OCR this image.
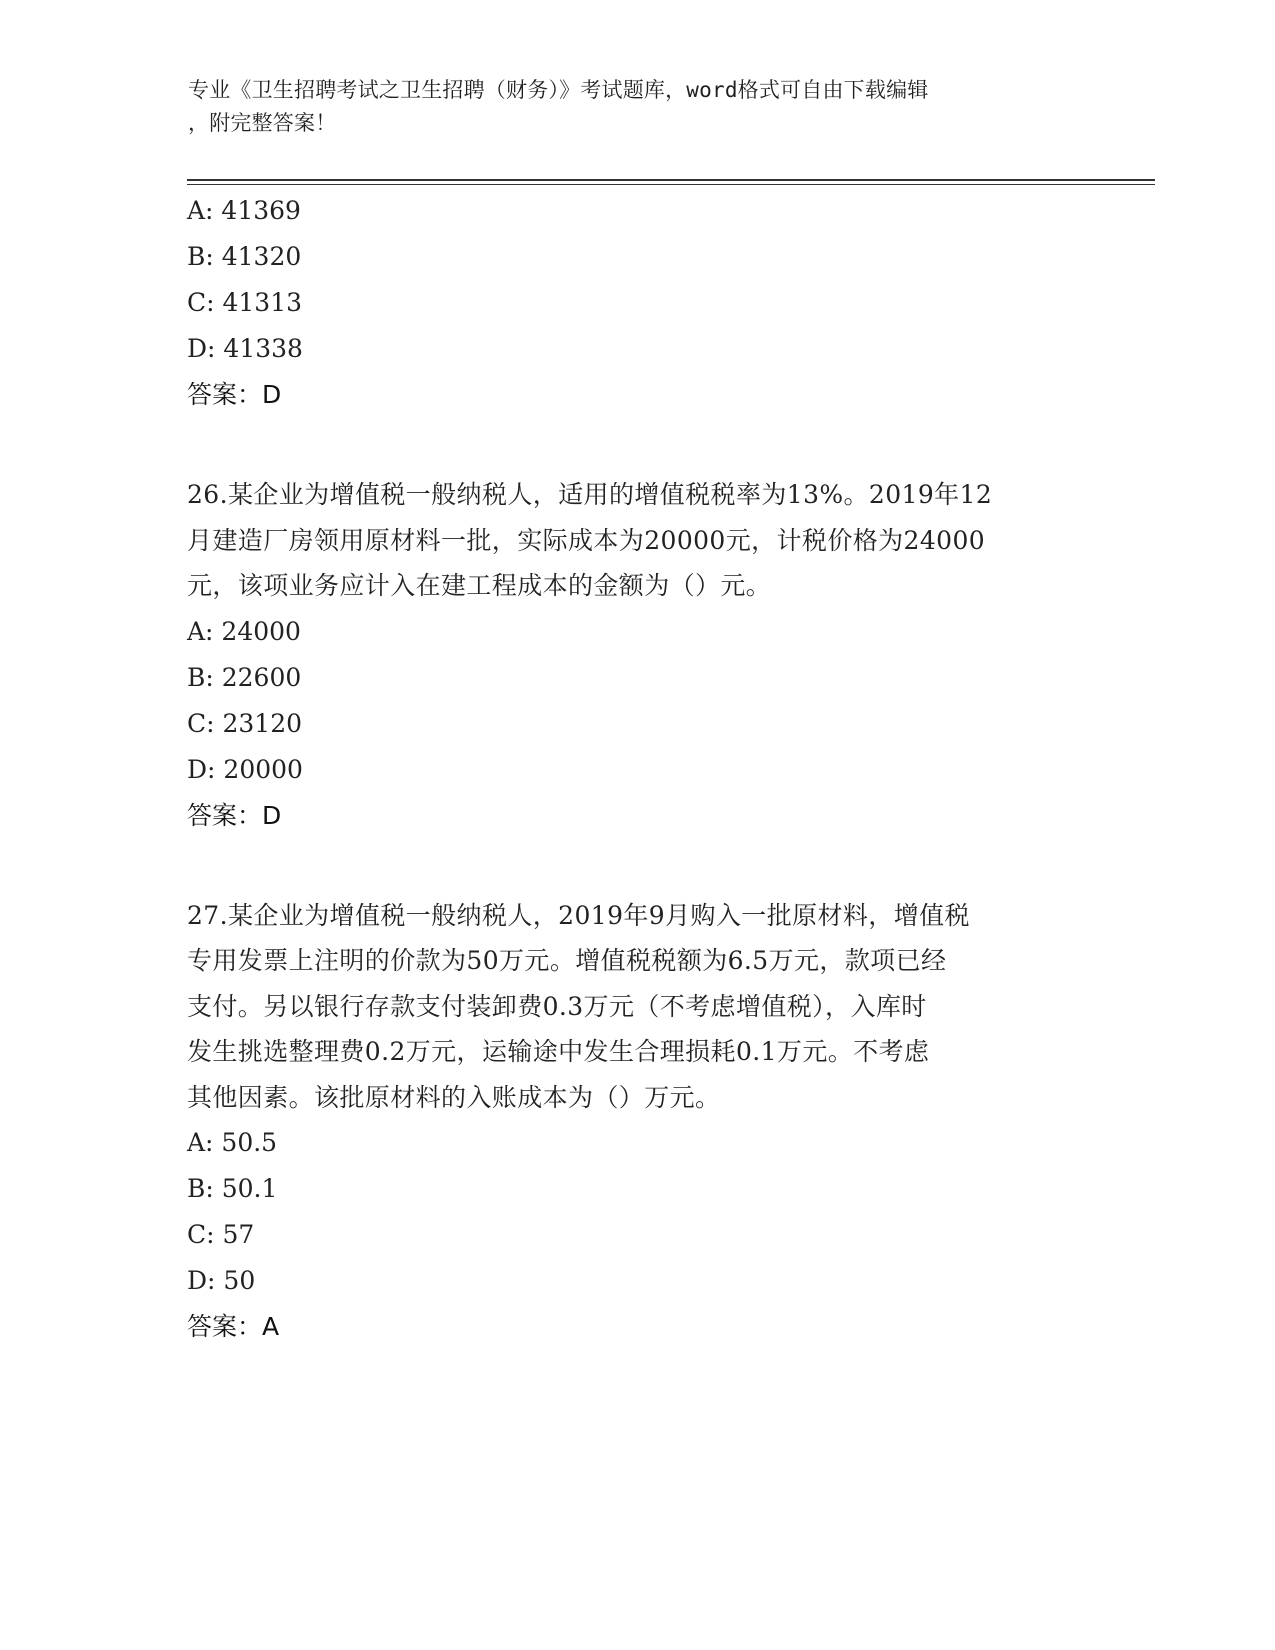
专业《卫生招聘考试之卫生招聘（财务）》考试题库，word格式可自由下载编辑
，附完整答案！
A: 41369
B: 41320
C: 41313
D: 41338
答案：D
26.某企业为增值税一般纳税人，适用的增值税税率为13%。2019年12
月建造厂房领用原材料一批，实际成本为20000元，计税价格为24000
元，该项业务应计入在建工程成本的金额为（）元。
A: 24000
B: 22600
C: 23120
D: 20000
答案：D
27.某企业为增值税一般纳税人，2019年9月购入一批原材料，增值税
专用发票上注明的价款为50万元。增值税税额为6.5万元，款项已经
支付。另以银行存款支付装卸费0.3万元（不考虑增值税），入库时
发生挑选整理费0.2万元，运输途中发生合理损耗0.1万元。不考虑
其他因素。该批原材料的入账成本为（）万元。
A: 50.5
B: 50.1
C: 57
D: 50
答案：A
